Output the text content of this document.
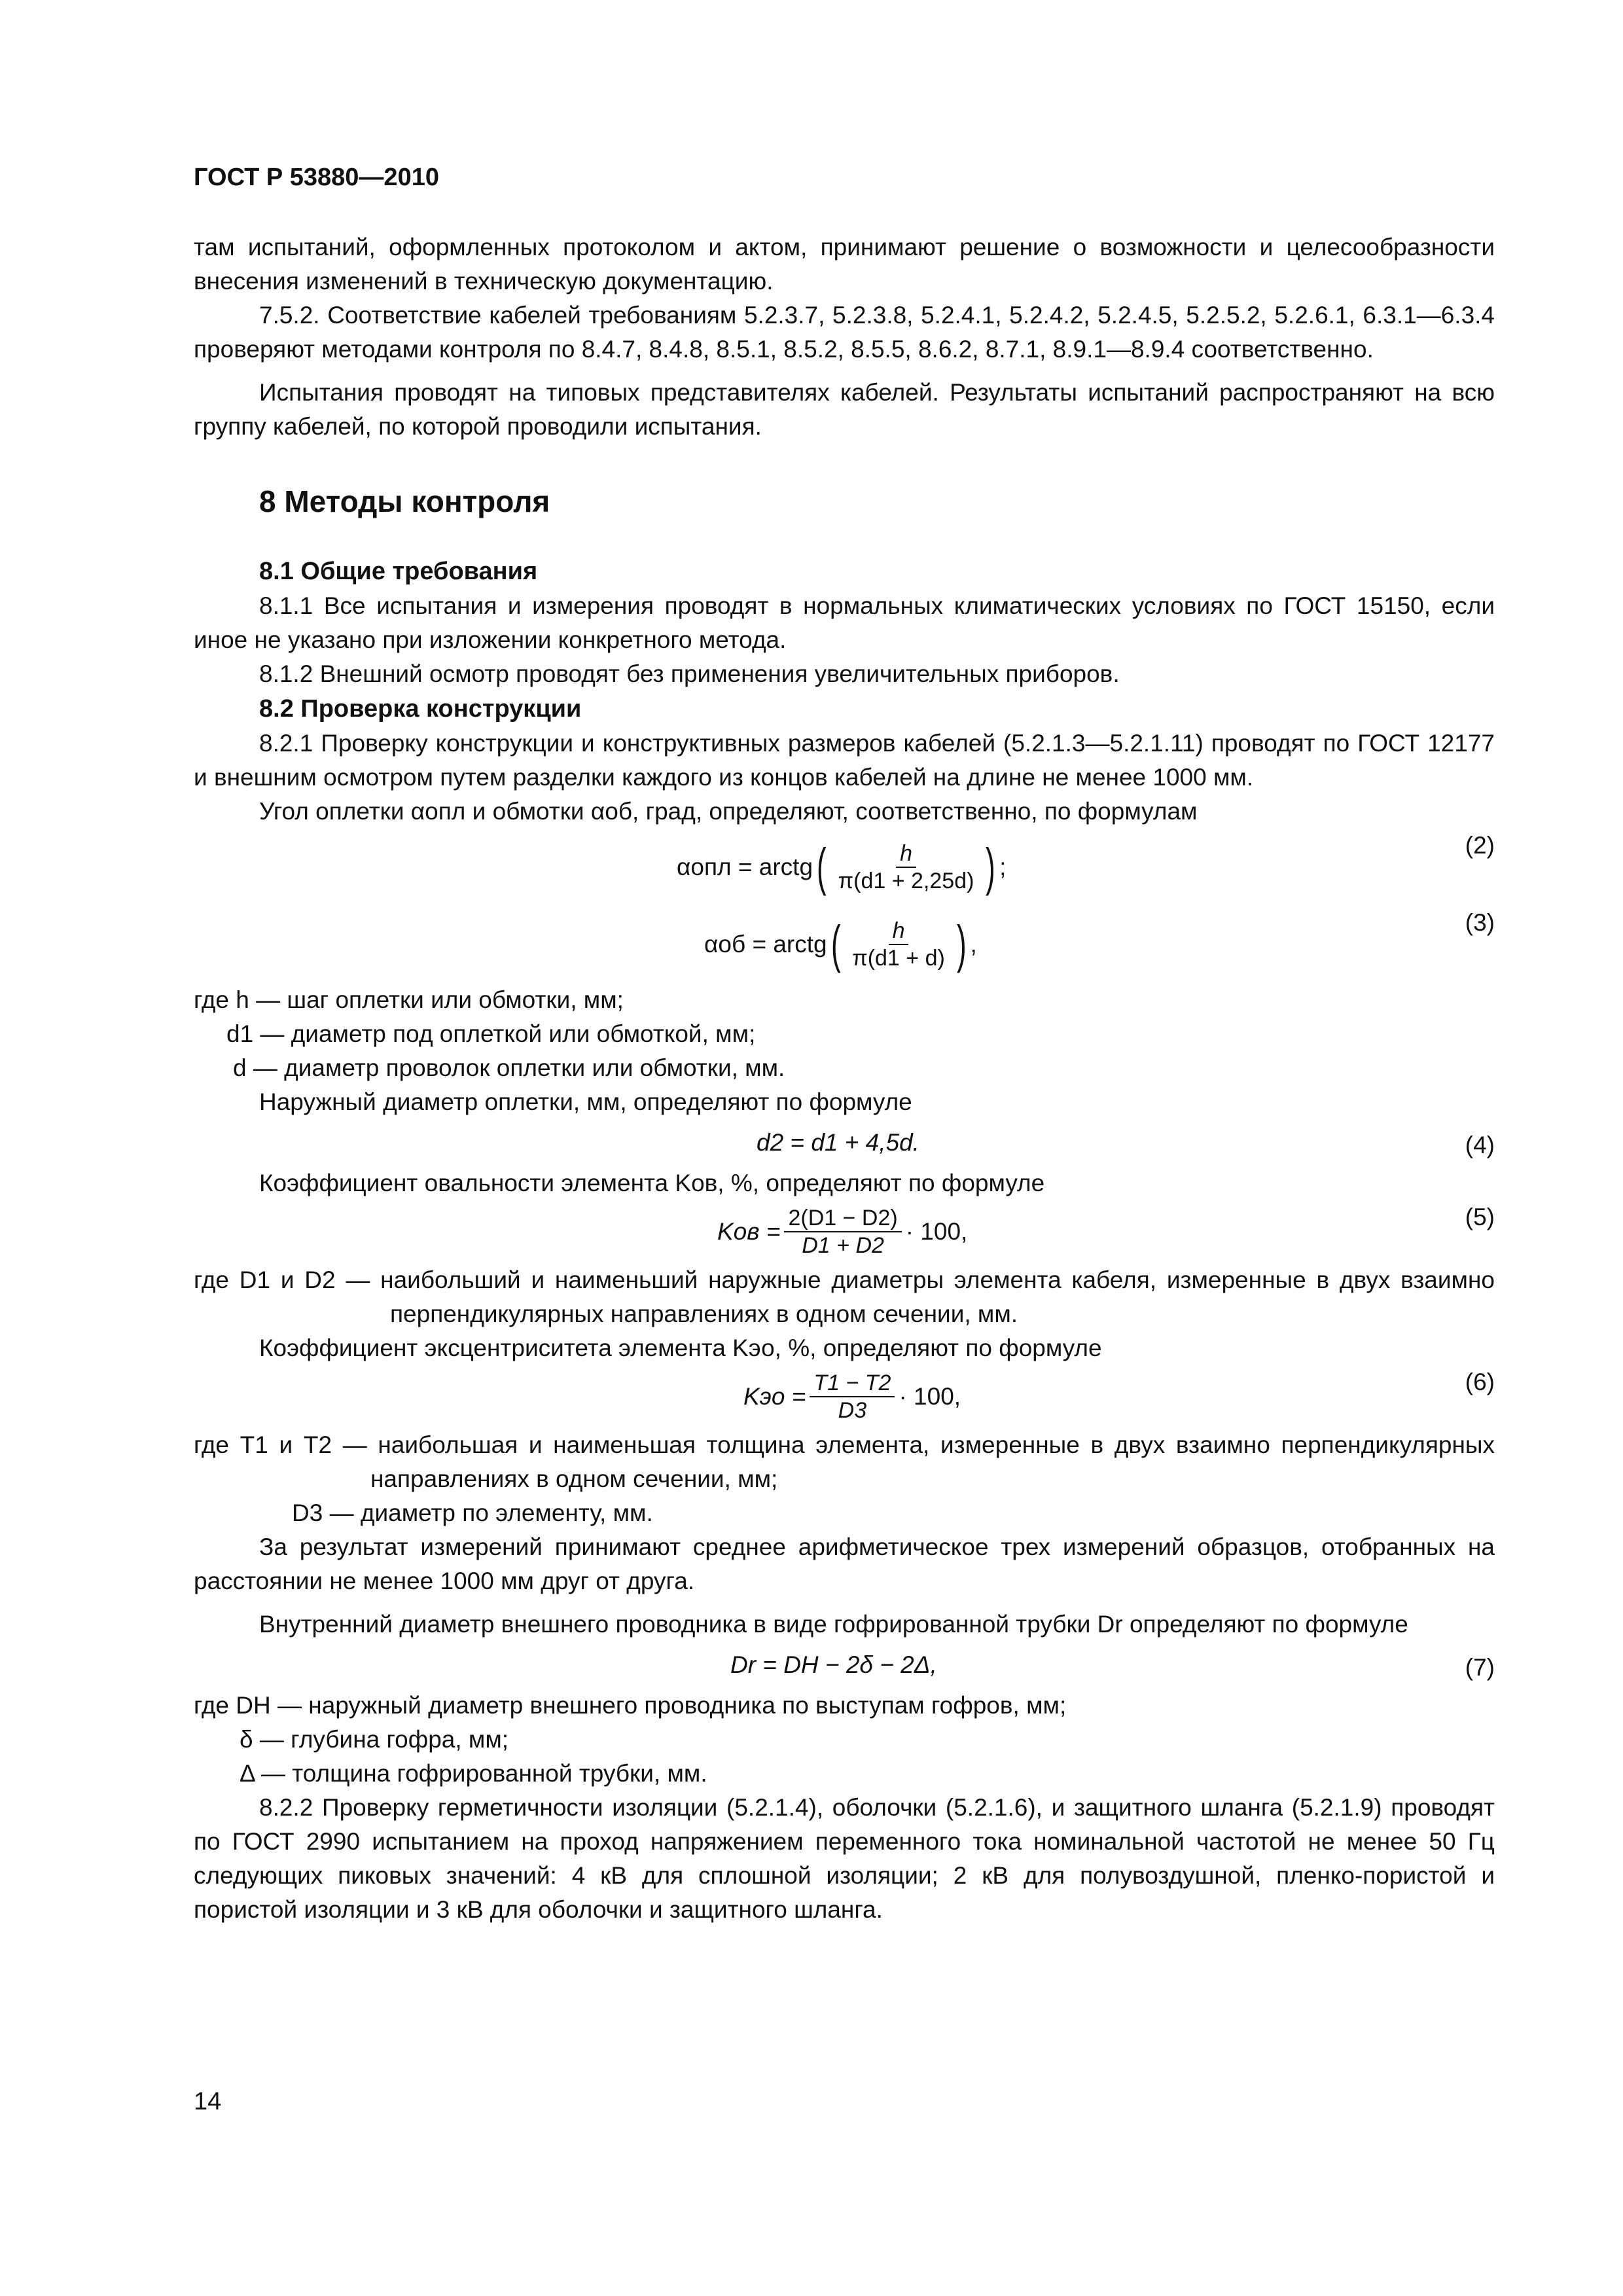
ГОСТ Р 53880—2010

там испытаний, оформленных протоколом и актом, принимают решение о возможности и целесообразности внесения изменений в техническую документацию.

7.5.2. Соответствие кабелей требованиям 5.2.3.7, 5.2.3.8, 5.2.4.1, 5.2.4.2, 5.2.4.5, 5.2.5.2, 5.2.6.1, 6.3.1—6.3.4 проверяют методами контроля по 8.4.7, 8.4.8, 8.5.1, 8.5.2, 8.5.5, 8.6.2, 8.7.1, 8.9.1—8.9.4 соответственно.

Испытания проводят на типовых представителях кабелей. Результаты испытаний распространяют на всю группу кабелей, по которой проводили испытания.

8 Методы контроля
8.1 Общие требования

8.1.1 Все испытания и измерения проводят в нормальных климатических условиях по ГОСТ 15150, если иное не указано при изложении конкретного метода.

8.1.2 Внешний осмотр проводят без применения увеличительных приборов.

8.2 Проверка конструкции

8.2.1 Проверку конструкции и конструктивных размеров кабелей (5.2.1.3—5.2.1.11) проводят по ГОСТ 12177 и внешним осмотром путем разделки каждого из концов кабелей на длине не менее 1000 мм.

Угол оплетки αопл и обмотки αоб, град, определяют, соответственно, по формулам

αопл = arctg ( $\frac{h}{\pi(d1 + 2,25d)}$ ) ;
(2)
αоб = arctg ( $\frac{h}{\pi(d1 + d)}$ ) ,
(3)
где h — шаг оплетки или обмотки, мм;
d1 — диаметр под оплеткой или обмоткой, мм;
d — диаметр проволок оплетки или обмотки, мм.

Наружный диаметр оплетки, мм, определяют по формуле

d2 = d1 + 4,5d.	(4)

Коэффициент овальности элемента Kов, %, определяют по формуле

Kов = $\frac{2(D1 - D2)}{D1 + D2} \cdot 100$,
(5)

где D1 и D2 — наибольший и наименьший наружные диаметры элемента кабеля, измеренные в двух взаимно перпендикулярных направлениях в одном сечении, мм.

Коэффициент эксцентриситета элемента Kэо, %, определяют по формуле

Kэо = $\frac{T1 - T2}{D3} \cdot 100$,
(6)

где T1 и T2 — наибольшая и наименьшая толщина элемента, измеренные в двух взаимно перпендикулярных направлениях в одном сечении, мм;

D3 — диаметр по элементу, мм.

За результат измерений принимают среднее арифметическое трех измерений образцов, отобранных на расстоянии не менее 1000 мм друг от друга.

Внутренний диаметр внешнего проводника в виде гофрированной трубки Dr определяют по формуле

Dr = DH − 2δ − 2Δ,	(7)
где DH — наружный диаметр внешнего проводника по выступам гофров, мм;
δ — глубина гофра, мм;
Δ — толщина гофрированной трубки, мм.

8.2.2 Проверку герметичности изоляции (5.2.1.4), оболочки (5.2.1.6), и защитного шланга (5.2.1.9) проводят по ГОСТ 2990 испытанием на проход напряжением переменного тока номинальной частотой не менее 50 Гц следующих пиковых значений: 4 кВ для сплошной изоляции; 2 кВ для полувоздушной, пленко-пористой и пористой изоляции и 3 кВ для оболочки и защитного шланга.

14
